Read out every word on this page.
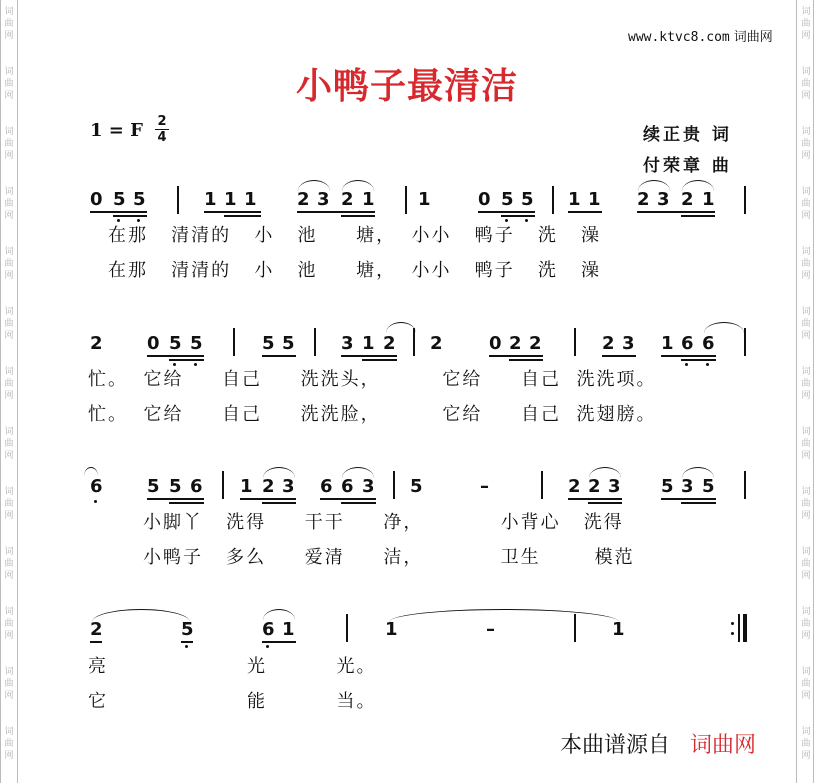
词
曲
网
词
曲
网
词
曲
网
词
曲
网
词
曲
网
词
曲
网
词
曲
网
词
曲
网
词
曲
网
词
曲
网
词
曲
网
词
曲
网
词
曲
网
词
曲
网
词
曲
网
词
曲
网
词
曲
网
词
曲
网
词
曲
网
词
曲
网
词
曲
网
词
曲
网
词
曲
网
词
曲
网
词
曲
网
词
曲
网
www.ktvc8.com 词曲网
小鸭子最清洁
1 = F 2
4	续正贵 词
付荣章 曲
0 5 5	1 1 1 2 3 2 1 1	0 5 5 1 1 2 3 2 1
在那   清清的   小   池     塘，  小小   鸭子   洗   澡
在那   清清的   小   池     塘，  小小   鸭子   洗   澡
2 0 5 5	5 5	3 1 2 2	0 2 2	2 3 1 6 6
忙。  它给     自己     洗洗头，        它给     自己  洗洗项。
忙。  它给     自己     洗洗脸，        它给     自己  洗翅膀。
6 5 5 6 1 2 3 6 6 3 5	–	2 2 3 5 3 5
小脚丫   洗得     干干     净，          小背心   洗得
小鸭子   多么     爱清     洁，          卫生       模范
2	5	6 1	1	–	1
亮                  光         光。
它                  能         当。
本曲谱源自 词曲网
